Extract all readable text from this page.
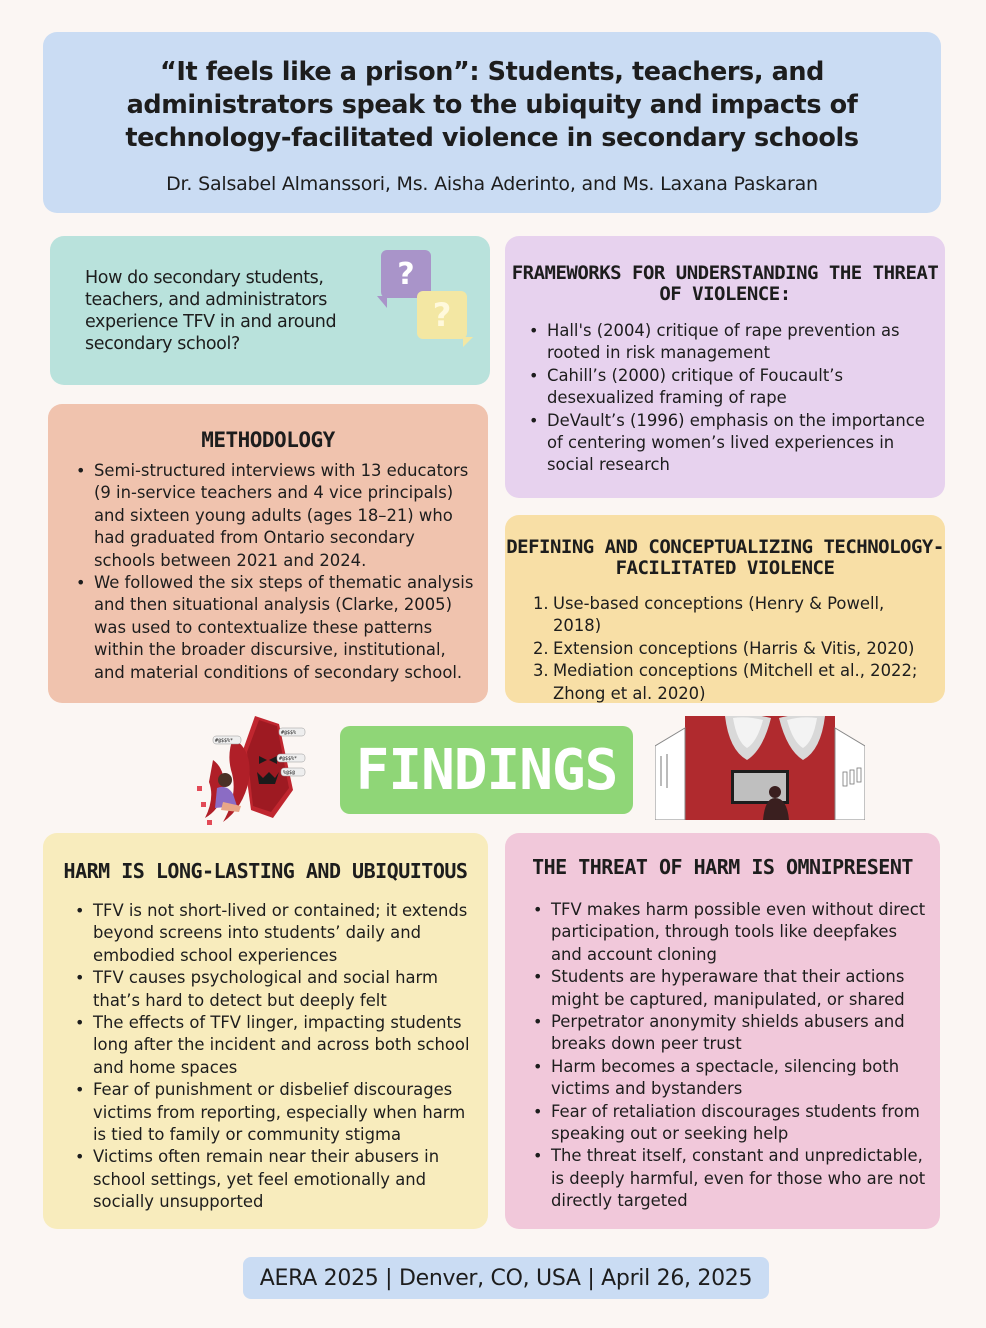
“It feels like a prison”: Students, teachers, and administrators speak to the ubiquity and impacts of technology-facilitated violence in secondary schools
Dr. Salsabel Almanssori, Ms. Aisha Aderinto, and Ms. Laxana Paskaran
How do secondary students, teachers, and administrators experience TFV in and around secondary school?
?
?
METHODOLOGY
• Semi-structured interviews with 13 educators (9 in-service teachers and 4 vice principals) and sixteen young adults (ages 18–21) who had graduated from Ontario secondary schools between 2021 and 2024.
• We followed the six steps of thematic analysis and then situational analysis (Clarke, 2005) was used to contextualize these patterns within the broader discursive, institutional, and material conditions of secondary school.
FRAMEWORKS FOR UNDERSTANDING THE THREAT OF VIOLENCE:
• Hall's (2004) critique of rape prevention as rooted in risk management
• Cahill’s (2000) critique of Foucault’s desexualized framing of rape
• DeVault’s (1996) emphasis on the importance of centering women’s lived experiences in social research
DEFINING AND CONCEPTUALIZING TECHNOLOGY-FACILITATED VIOLENCE
1. Use-based conceptions (Henry & Powell, 2018)
2. Extension conceptions (Harris & Vitis, 2020)
3. Mediation conceptions (Mitchell et al., 2022; Zhong et al. 2020)
#@$$%
#@$$%*
#@$$%*
%@$@ FINDINGS
HARM IS LONG-LASTING AND UBIQUITOUS
• TFV is not short-lived or contained; it extends beyond screens into students’ daily and embodied school experiences
• TFV causes psychological and social harm that’s hard to detect but deeply felt
• The effects of TFV linger, impacting students long after the incident and across both school and home spaces
• Fear of punishment or disbelief discourages victims from reporting, especially when harm is tied to family or community stigma
• Victims often remain near their abusers in school settings, yet feel emotionally and socially unsupported
THE THREAT OF HARM IS OMNIPRESENT
• TFV makes harm possible even without direct participation, through tools like deepfakes and account cloning
• Students are hyperaware that their actions might be captured, manipulated, or shared
• Perpetrator anonymity shields abusers and breaks down peer trust
• Harm becomes a spectacle, silencing both victims and bystanders
• Fear of retaliation discourages students from speaking out or seeking help
• The threat itself, constant and unpredictable, is deeply harmful, even for those who are not directly targeted
AERA 2025 | Denver, CO, USA | April 26, 2025
